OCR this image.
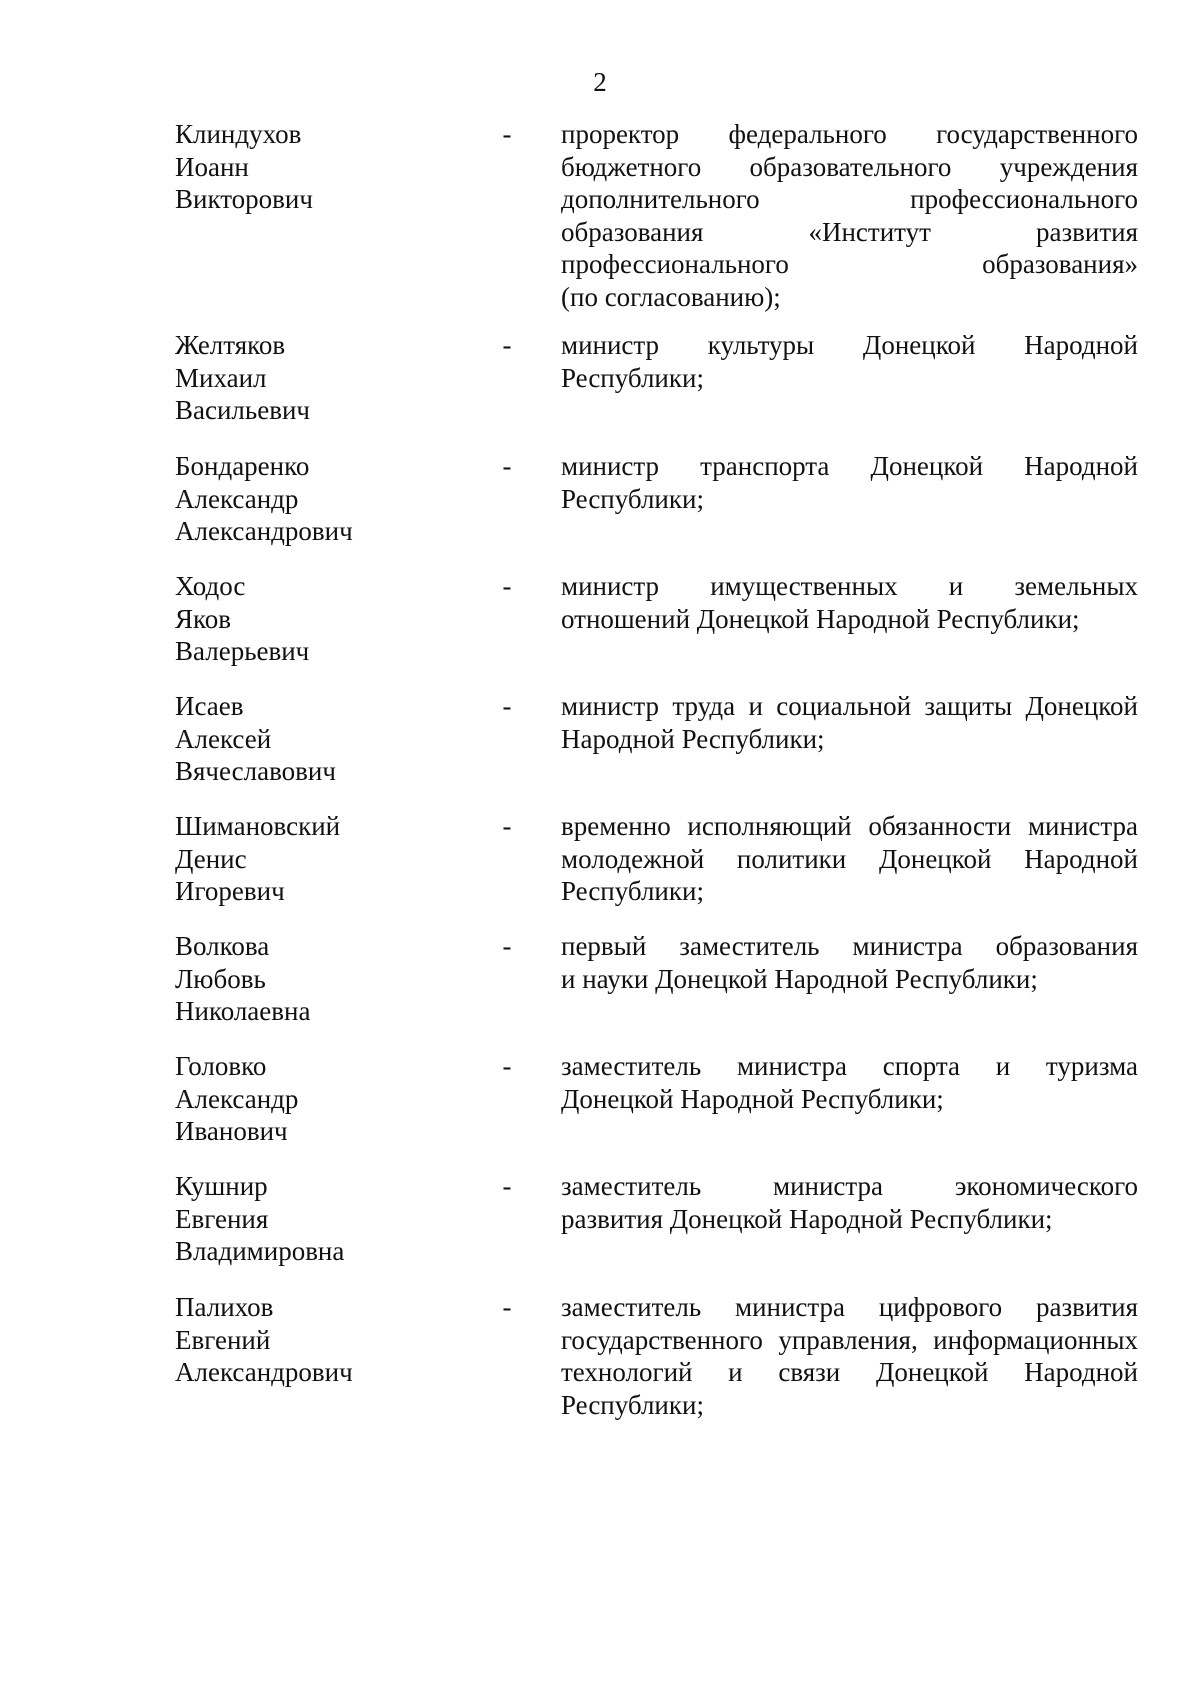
2
Клиндухов
Иоанн
Викторович
- проректор федерального государственного
бюджетного образовательного учреждения
дополнительного профессионального
образования «Институт развития
профессионального образования»
(по согласованию);
Желтяков
Михаил
Васильевич
- министр культуры Донецкой Народной
Республики;
Бондаренко
Александр
Александрович
- министр транспорта Донецкой Народной
Республики;
Ходос
Яков
Валерьевич
- министр имущественных и земельных
отношений Донецкой Народной Республики;
Исаев
Алексей
Вячеславович
- министр труда и социальной защиты Донецкой
Народной Республики;
Шимановский
Денис
Игоревич
- временно исполняющий обязанности министра
молодежной политики Донецкой Народной
Республики;
Волкова
Любовь
Николаевна
- первый заместитель министра образования
и науки Донецкой Народной Республики;
Головко
Александр
Иванович
- заместитель министра спорта и туризма
Донецкой Народной Республики;
Кушнир
Евгения
Владимировна
- заместитель министра экономического
развития Донецкой Народной Республики;
Палихов
Евгений
Александрович
- заместитель министра цифрового развития
государственного управления, информационных
технологий и связи Донецкой Народной
Республики;
